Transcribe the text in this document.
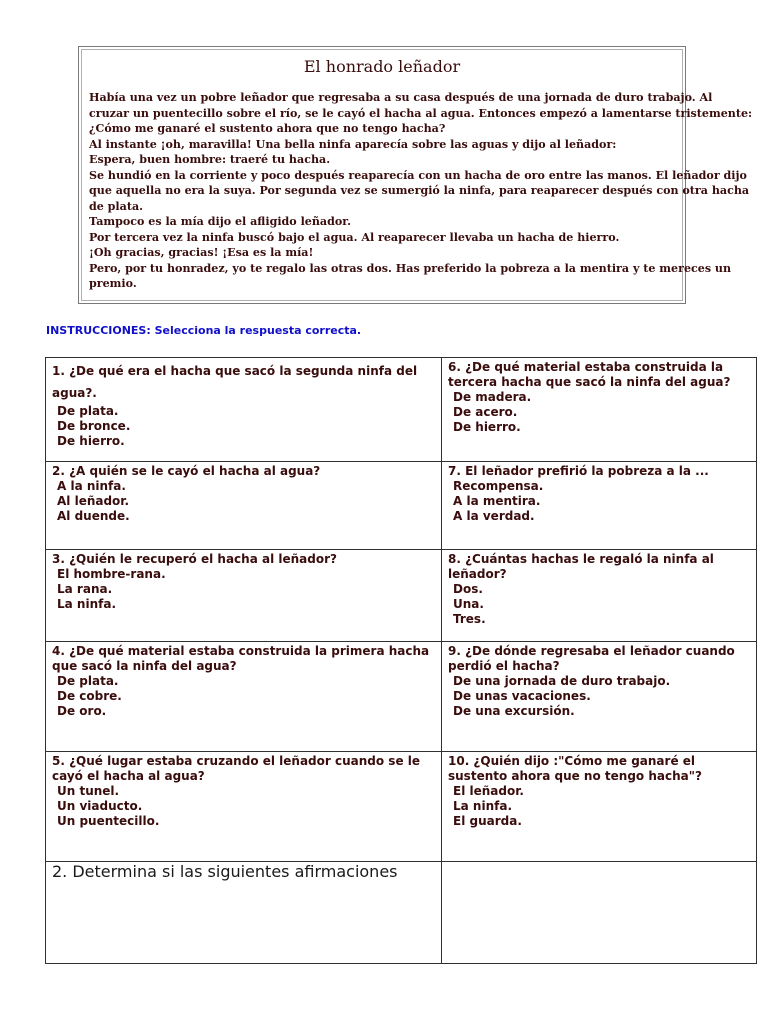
El honrado leñador
Había una vez un pobre leñador que regresaba a su casa después de una jornada de duro trabajo. Al
cruzar un puentecillo sobre el río, se le cayó el hacha al agua. Entonces empezó a lamentarse tristemente:
¿Cómo me ganaré el sustento ahora que no tengo hacha?
Al instante ¡oh, maravilla! Una bella ninfa aparecía sobre las aguas y dijo al leñador:
Espera, buen hombre: traeré tu hacha.
Se hundió en la corriente y poco después reaparecía con un hacha de oro entre las manos. El leñador dijo
que aquella no era la suya. Por segunda vez se sumergió la ninfa, para reaparecer después con otra hacha
de plata.
Tampoco es la mía dijo el afligido leñador.
Por tercera vez la ninfa buscó bajo el agua. Al reaparecer llevaba un hacha de hierro.
¡Oh gracias, gracias! ¡Esa es la mía!
Pero, por tu honradez, yo te regalo las otras dos. Has preferido la pobreza a la mentira y te mereces un
premio.
INSTRUCCIONES: Selecciona la respuesta correcta.
1. ¿De qué era el hacha que sacó la segunda ninfa del agua?.
De plata.
De bronce.
De hierro.	6. ¿De qué material estaba construida la tercera hacha que sacó la ninfa del agua?
De madera.
De acero.
De hierro.

2. ¿A quién se le cayó el hacha al agua?
A la ninfa.
Al leñador.
Al duende.	7. El leñador prefirió la pobreza a la ...
Recompensa.
A la mentira.
A la verdad.

3. ¿Quién le recuperó el hacha al leñador?
El hombre-rana.
La rana.
La ninfa.	8. ¿Cuántas hachas le regaló la ninfa al leñador?
Dos.
Una.
Tres.

4. ¿De qué material estaba construida la primera hacha que sacó la ninfa del agua?
De plata.
De cobre.
De oro.	9. ¿De dónde regresaba el leñador cuando perdió el hacha?
De una jornada de duro trabajo.
De unas vacaciones.
De una excursión.

5. ¿Qué lugar estaba cruzando el leñador cuando se le cayó el hacha al agua?
Un tunel.
Un viaducto.
Un puentecillo.	10. ¿Quién dijo :"Cómo me ganaré el sustento ahora que no tengo hacha"?
El leñador.
La ninfa.
El guarda.

2. Determina si las siguientes afirmaciones	
